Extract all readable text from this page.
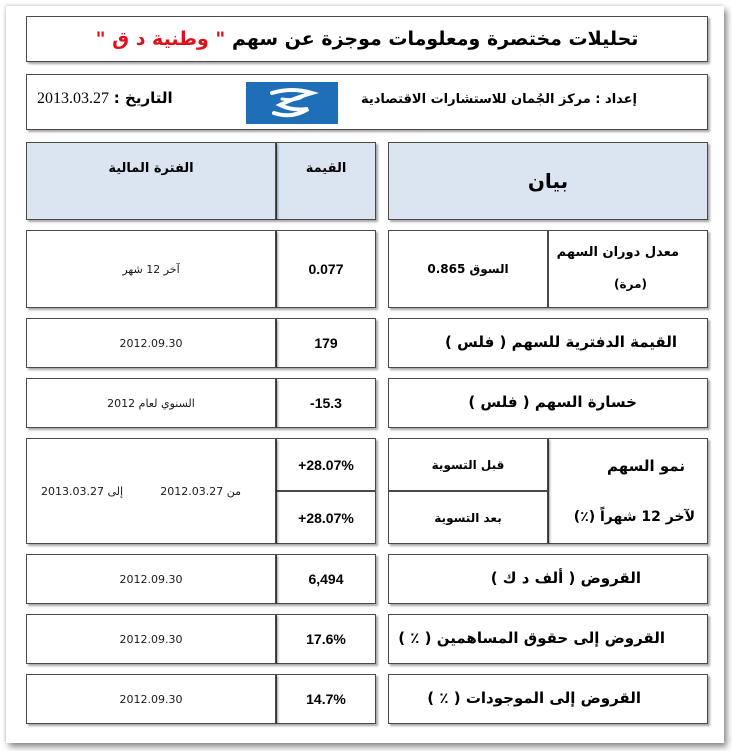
تحليلات مختصرة ومعلومات موجزة عن سهم " وطنية د ق "
إعداد : مركز الجُمان للاستشارات الاقتصادية
التاريخ : 2013.03.27
بيان
القيمة
الفترة المالية
السوق 0.865
معدل دوران السهم
(مرة)
0.077
آخر 12 شهر
القيمة الدفترية للسهم ( فلس )
179
2012.09.30
خسارة السهم ( فلس )
-15.3
السنوي لعام 2012
نمو السهم
لآخر 12 شهراً (٪)
قبل التسوية
بعد التسوية
+28.07%
+28.07%
من 2012.03.27
إلى 2013.03.27
القروض ( ألف د ك )
6,494
2012.09.30
القروض إلى حقوق المساهمين ( ٪ )
17.6%
2012.09.30
القروض إلى الموجودات ( ٪ )
14.7%
2012.09.30
